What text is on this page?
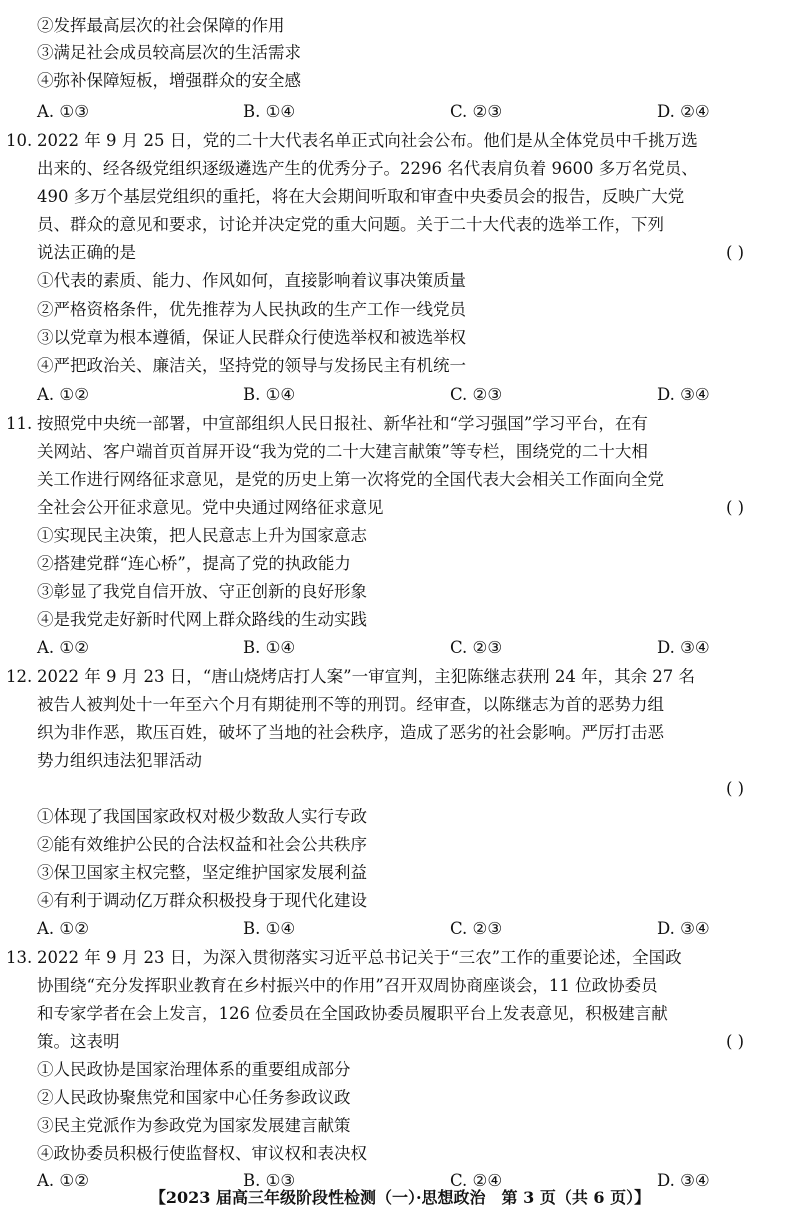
②发挥最高层次的社会保障的作用
③满足社会成员较高层次的生活需求
④弥补保障短板，增强群众的安全感
A. ①③	B. ①④	C. ②③	D. ②④
10. 2022 年 9 月 25 日，党的二十大代表名单正式向社会公布。他们是从全体党员中千挑万选
出来的、经各级党组织逐级遴选产生的优秀分子。2296 名代表肩负着 9600 多万名党员、
490 多万个基层党组织的重托，将在大会期间听取和审查中央委员会的报告，反映广大党
员、群众的意见和要求，讨论并决定党的重大问题。关于二十大代表的选举工作，下列
说法正确的是	( )
①代表的素质、能力、作风如何，直接影响着议事决策质量
②严格资格条件，优先推荐为人民执政的生产工作一线党员
③以党章为根本遵循，保证人民群众行使选举权和被选举权
④严把政治关、廉洁关，坚持党的领导与发扬民主有机统一
A. ①②	B. ①④	C. ②③	D. ③④
11. 按照党中央统一部署，中宣部组织人民日报社、新华社和“学习强国”学习平台，在有
关网站、客户端首页首屏开设“我为党的二十大建言献策”等专栏，围绕党的二十大相
关工作进行网络征求意见，是党的历史上第一次将党的全国代表大会相关工作面向全党
全社会公开征求意见。党中央通过网络征求意见	( )
①实现民主决策，把人民意志上升为国家意志
②搭建党群“连心桥”，提高了党的执政能力
③彰显了我党自信开放、守正创新的良好形象
④是我党走好新时代网上群众路线的生动实践
A. ①②	B. ①④	C. ②③	D. ③④
12. 2022 年 9 月 23 日，“唐山烧烤店打人案”一审宣判，主犯陈继志获刑 24 年，其余 27 名
被告人被判处十一年至六个月有期徒刑不等的刑罚。经审查，以陈继志为首的恶势力组
织为非作恶，欺压百姓，破坏了当地的社会秩序，造成了恶劣的社会影响。严厉打击恶
势力组织违法犯罪活动
( )
①体现了我国国家政权对极少数敌人实行专政
②能有效维护公民的合法权益和社会公共秩序
③保卫国家主权完整，坚定维护国家发展利益
④有利于调动亿万群众积极投身于现代化建设
A. ①②	B. ①④	C. ②③	D. ③④
13. 2022 年 9 月 23 日，为深入贯彻落实习近平总书记关于“三农”工作的重要论述，全国政
协围绕“充分发挥职业教育在乡村振兴中的作用”召开双周协商座谈会，11 位政协委员
和专家学者在会上发言，126 位委员在全国政协委员履职平台上发表意见，积极建言献
策。这表明	( )
①人民政协是国家治理体系的重要组成部分
②人民政协聚焦党和国家中心任务参政议政
③民主党派作为参政党为国家发展建言献策
④政协委员积极行使监督权、审议权和表决权
A. ①②	B. ①③	C. ②④	D. ③④
【2023 届高三年级阶段性检测（一）·思想政治　第 3 页（共 6 页）】
